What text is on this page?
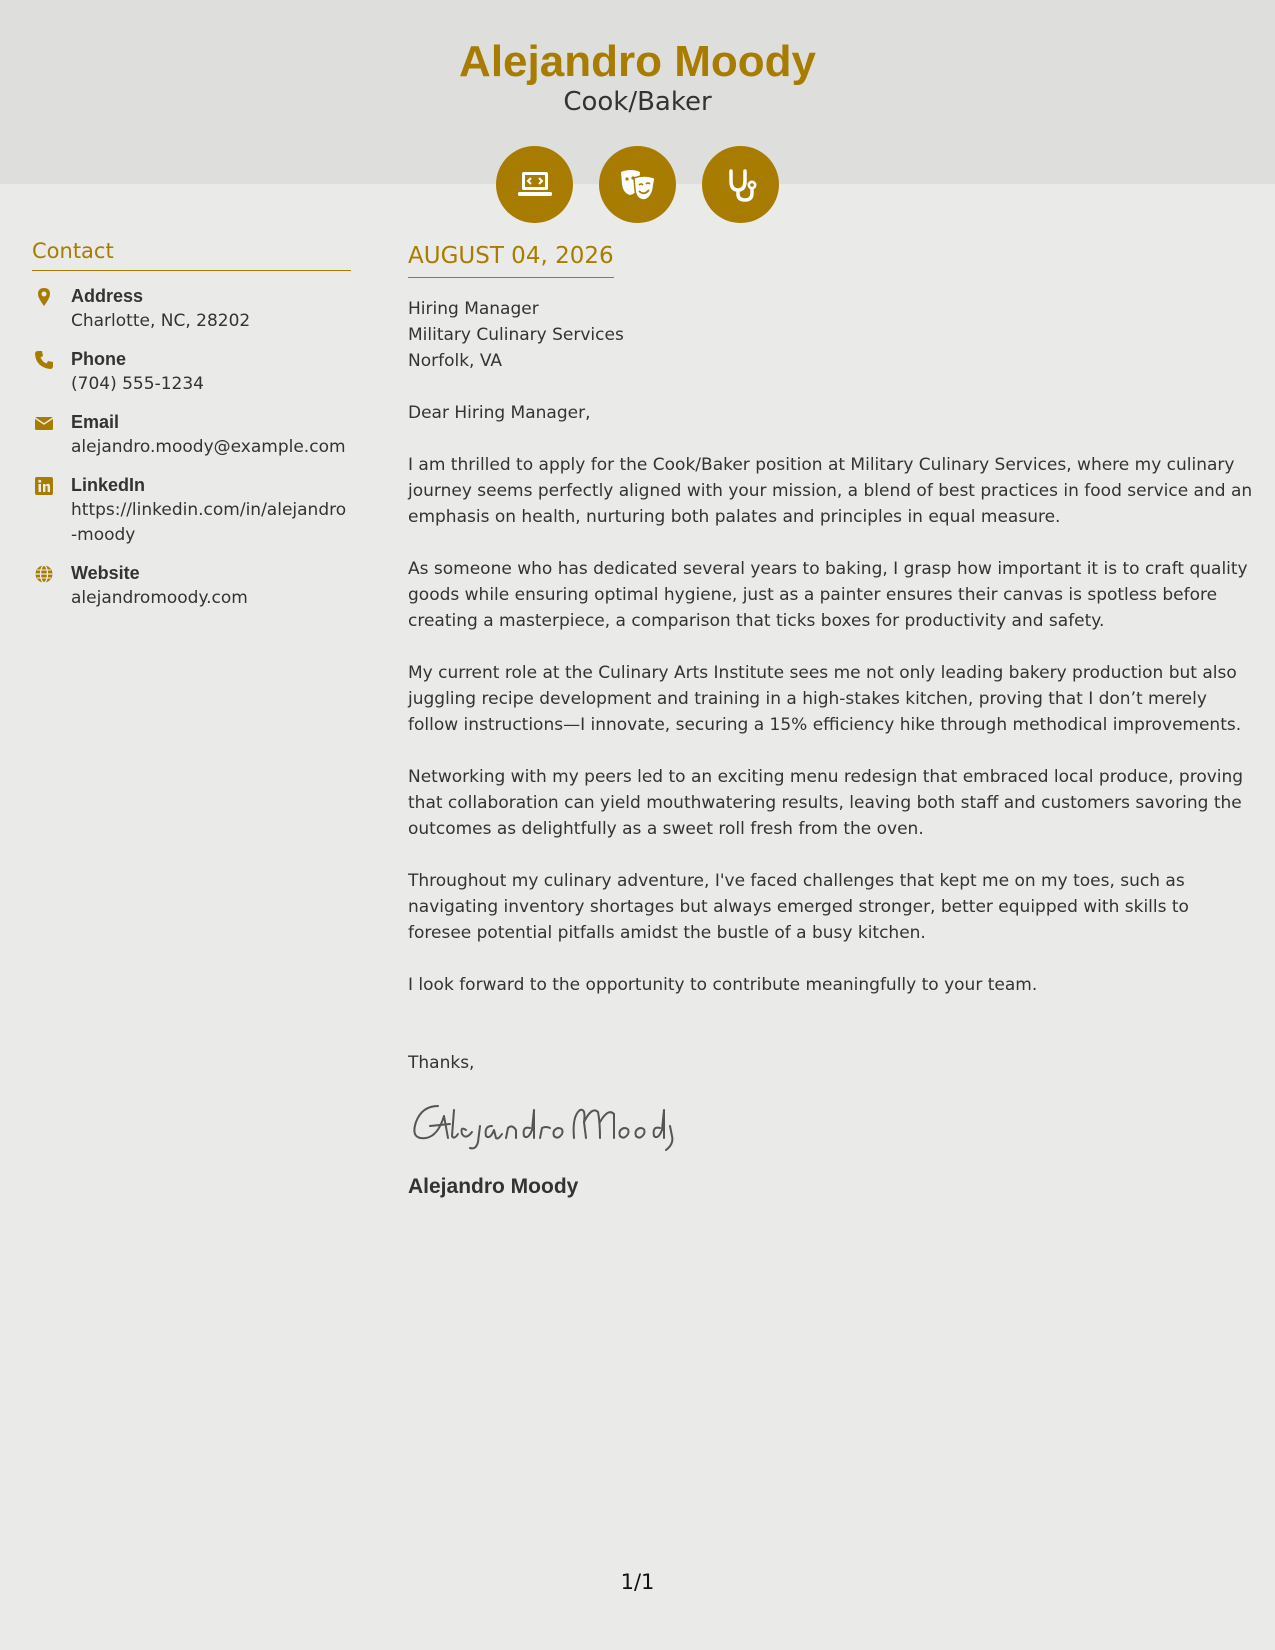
Alejandro Moody
Cook/Baker
Contact
Address
Charlotte, NC, 28202
Phone
(704) 555-1234
Email
alejandro.moody@example.com
LinkedIn
https://linkedin.com/in/alejandro-moody
Website
alejandromoody.com
AUGUST 04, 2026
Hiring Manager
Military Culinary Services
Norfolk, VA
Dear Hiring Manager,

I am thrilled to apply for the Cook/Baker position at Military Culinary Services, where my culinary journey seems perfectly aligned with your mission, a blend of best practices in food service and an emphasis on health, nurturing both palates and principles in equal measure.

As someone who has dedicated several years to baking, I grasp how important it is to craft quality goods while ensuring optimal hygiene, just as a painter ensures their canvas is spotless before creating a masterpiece, a comparison that ticks boxes for productivity and safety.

My current role at the Culinary Arts Institute sees me not only leading bakery production but also juggling recipe development and training in a high-stakes kitchen, proving that I don’t merely follow instructions—I innovate, securing a 15% efficiency hike through methodical improvements.

Networking with my peers led to an exciting menu redesign that embraced local produce, proving that collaboration can yield mouthwatering results, leaving both staff and customers savoring the outcomes as delightfully as a sweet roll fresh from the oven.

Throughout my culinary adventure, I've faced challenges that kept me on my toes, such as navigating inventory shortages but always emerged stronger, better equipped with skills to foresee potential pitfalls amidst the bustle of a busy kitchen.

I look forward to the opportunity to contribute meaningfully to your team.

Thanks,
Alejandro Moody
1/1
